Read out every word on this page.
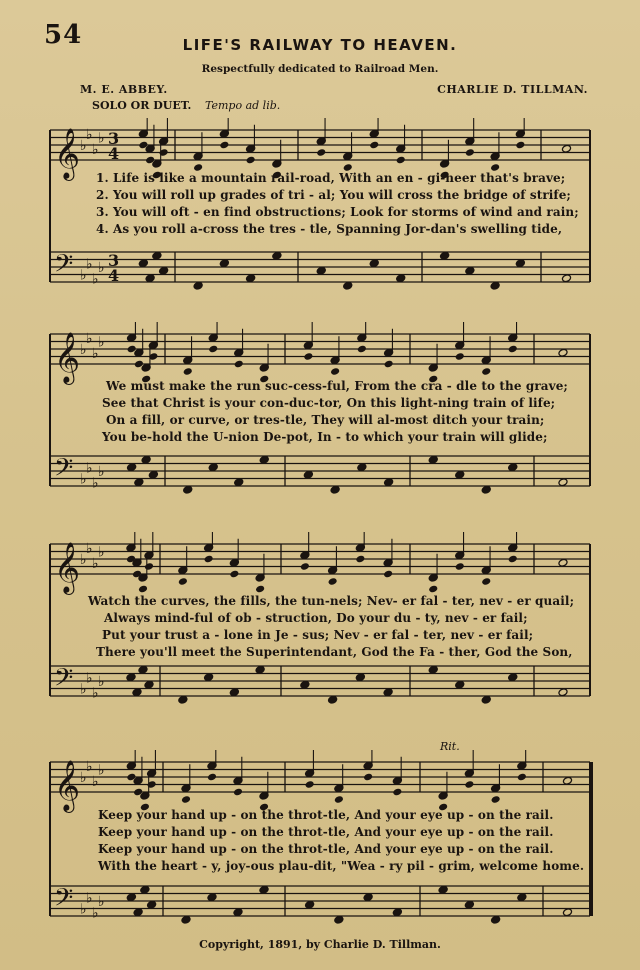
54	LIFE'S RAILWAY TO HEAVEN.
Respectfully dedicated to Railroad Men.
M. E. ABBEY.	CHARLIE D. TILLMAN.
SOLO OR DUET. Tempo ad lib.
𝄞 ♭
♭
♭
♭ 3
4
𝄢 ♭
♭
♭
♭ 3
4
1. Life is like a mountain rail-road, With an en - gi-neer that's brave;
2. You will roll up grades of tri - al; You will cross the bridge of strife;
3. You will oft - en find obstructions; Look for storms of wind and rain;
4. As you roll a-cross the tres - tle, Spanning Jor-dan's swelling tide,
𝄞 ♭
♭
♭
♭
𝄢 ♭
♭
♭
♭
We must make the run suc-cess-ful, From the cra - dle to the grave;
See that Christ is your con-duc-tor, On this light-ning train of life;
On a fill, or curve, or tres-tle, They will al-most ditch your train;
You be-hold the U-nion De-pot, In - to which your train will glide;
𝄞 ♭
♭
♭
♭
𝄢 ♭
♭
♭
♭
Watch the curves, the fills, the tun-nels; Nev- er fal - ter, nev - er quail;
Always mind-ful of ob - struction, Do your du - ty, nev - er fail;
Put your trust a - lone in Je - sus; Nev - er fal - ter, nev - er fail;
There you'll meet the Superintendant, God the Fa - ther, God the Son,
𝄞 ♭
♭
♭
♭
𝄢 ♭
♭
♭
♭
Keep your hand up - on the throt-tle, And your eye up - on the rail.
Keep your hand up - on the throt-tle, And your eye up - on the rail.
Keep your hand up - on the throt-tle, And your eye up - on the rail.
With the heart - y, joy-ous plau-dit, "Wea - ry pil - grim, welcome home.
Rit.
Copyright, 1891, by Charlie D. Tillman.
